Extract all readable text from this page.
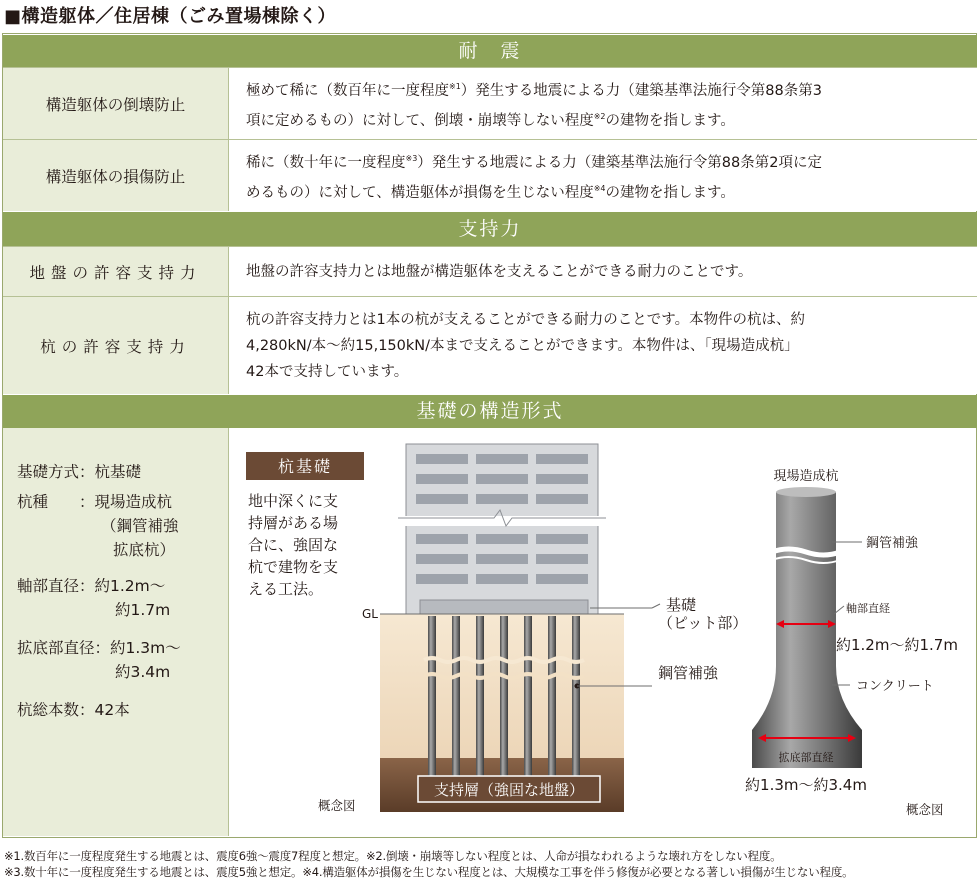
■構造躯体／住居棟（ごみ置場棟除く）
耐　震
構造躯体の倒壊防止
極めて稀に（数百年に一度程度$^{※1}$）発生する地震による力（建築基準法施行令第88条第3
項に定めるもの）に対して、倒壊・崩壊等しない程度$^{※2}$の建物を指します。
構造躯体の損傷防止
稀に（数十年に一度程度$^{※3}$）発生する地震による力（建築基準法施行令第88条第2項に定
めるもの）に対して、構造躯体が損傷を生じない程度$^{※4}$の建物を指します。
支持力
地盤の許容支持力	地盤の許容支持力とは地盤が構造躯体を支えることができる耐力のことです。
杭の許容支持力
杭の許容支持力とは1本の杭が支えることができる耐力のことです。本物件の杭は、約
4,280kN/本～約15,150kN/本まで支えることができます。本物件は、「現場造成杭」
42本で支持しています。
基礎の構造形式
基礎方式：杭基礎
杭種　　：現場造成杭
（鋼管補強
拡底杭）
軸部直径：約1.2m～
約1.7m
拡底部直径：約1.3m～
約3.4m
杭総本数：42本
杭基礎
地中深くに支
持層がある場
合に、強固な
杭で建物を支
える工法。
GL
支持層（強固な地盤）
基礎
（ピット部）
鋼管補強
概念図
現場造成杭
鋼管補強
軸部直経
約1.2m～約1.7m
コンクリート
拡底部直経
約1.3m～約3.4m
概念図
※1.数百年に一度程度発生する地震とは、震度6強～震度7程度と想定。※2.倒壊・崩壊等しない程度とは、人命が損なわれるような壊れ方をしない程度。
※3.数十年に一度程度発生する地震とは、震度5強と想定。※4.構造躯体が損傷を生じない程度とは、大規模な工事を伴う修復が必要となる著しい損傷が生じない程度。
